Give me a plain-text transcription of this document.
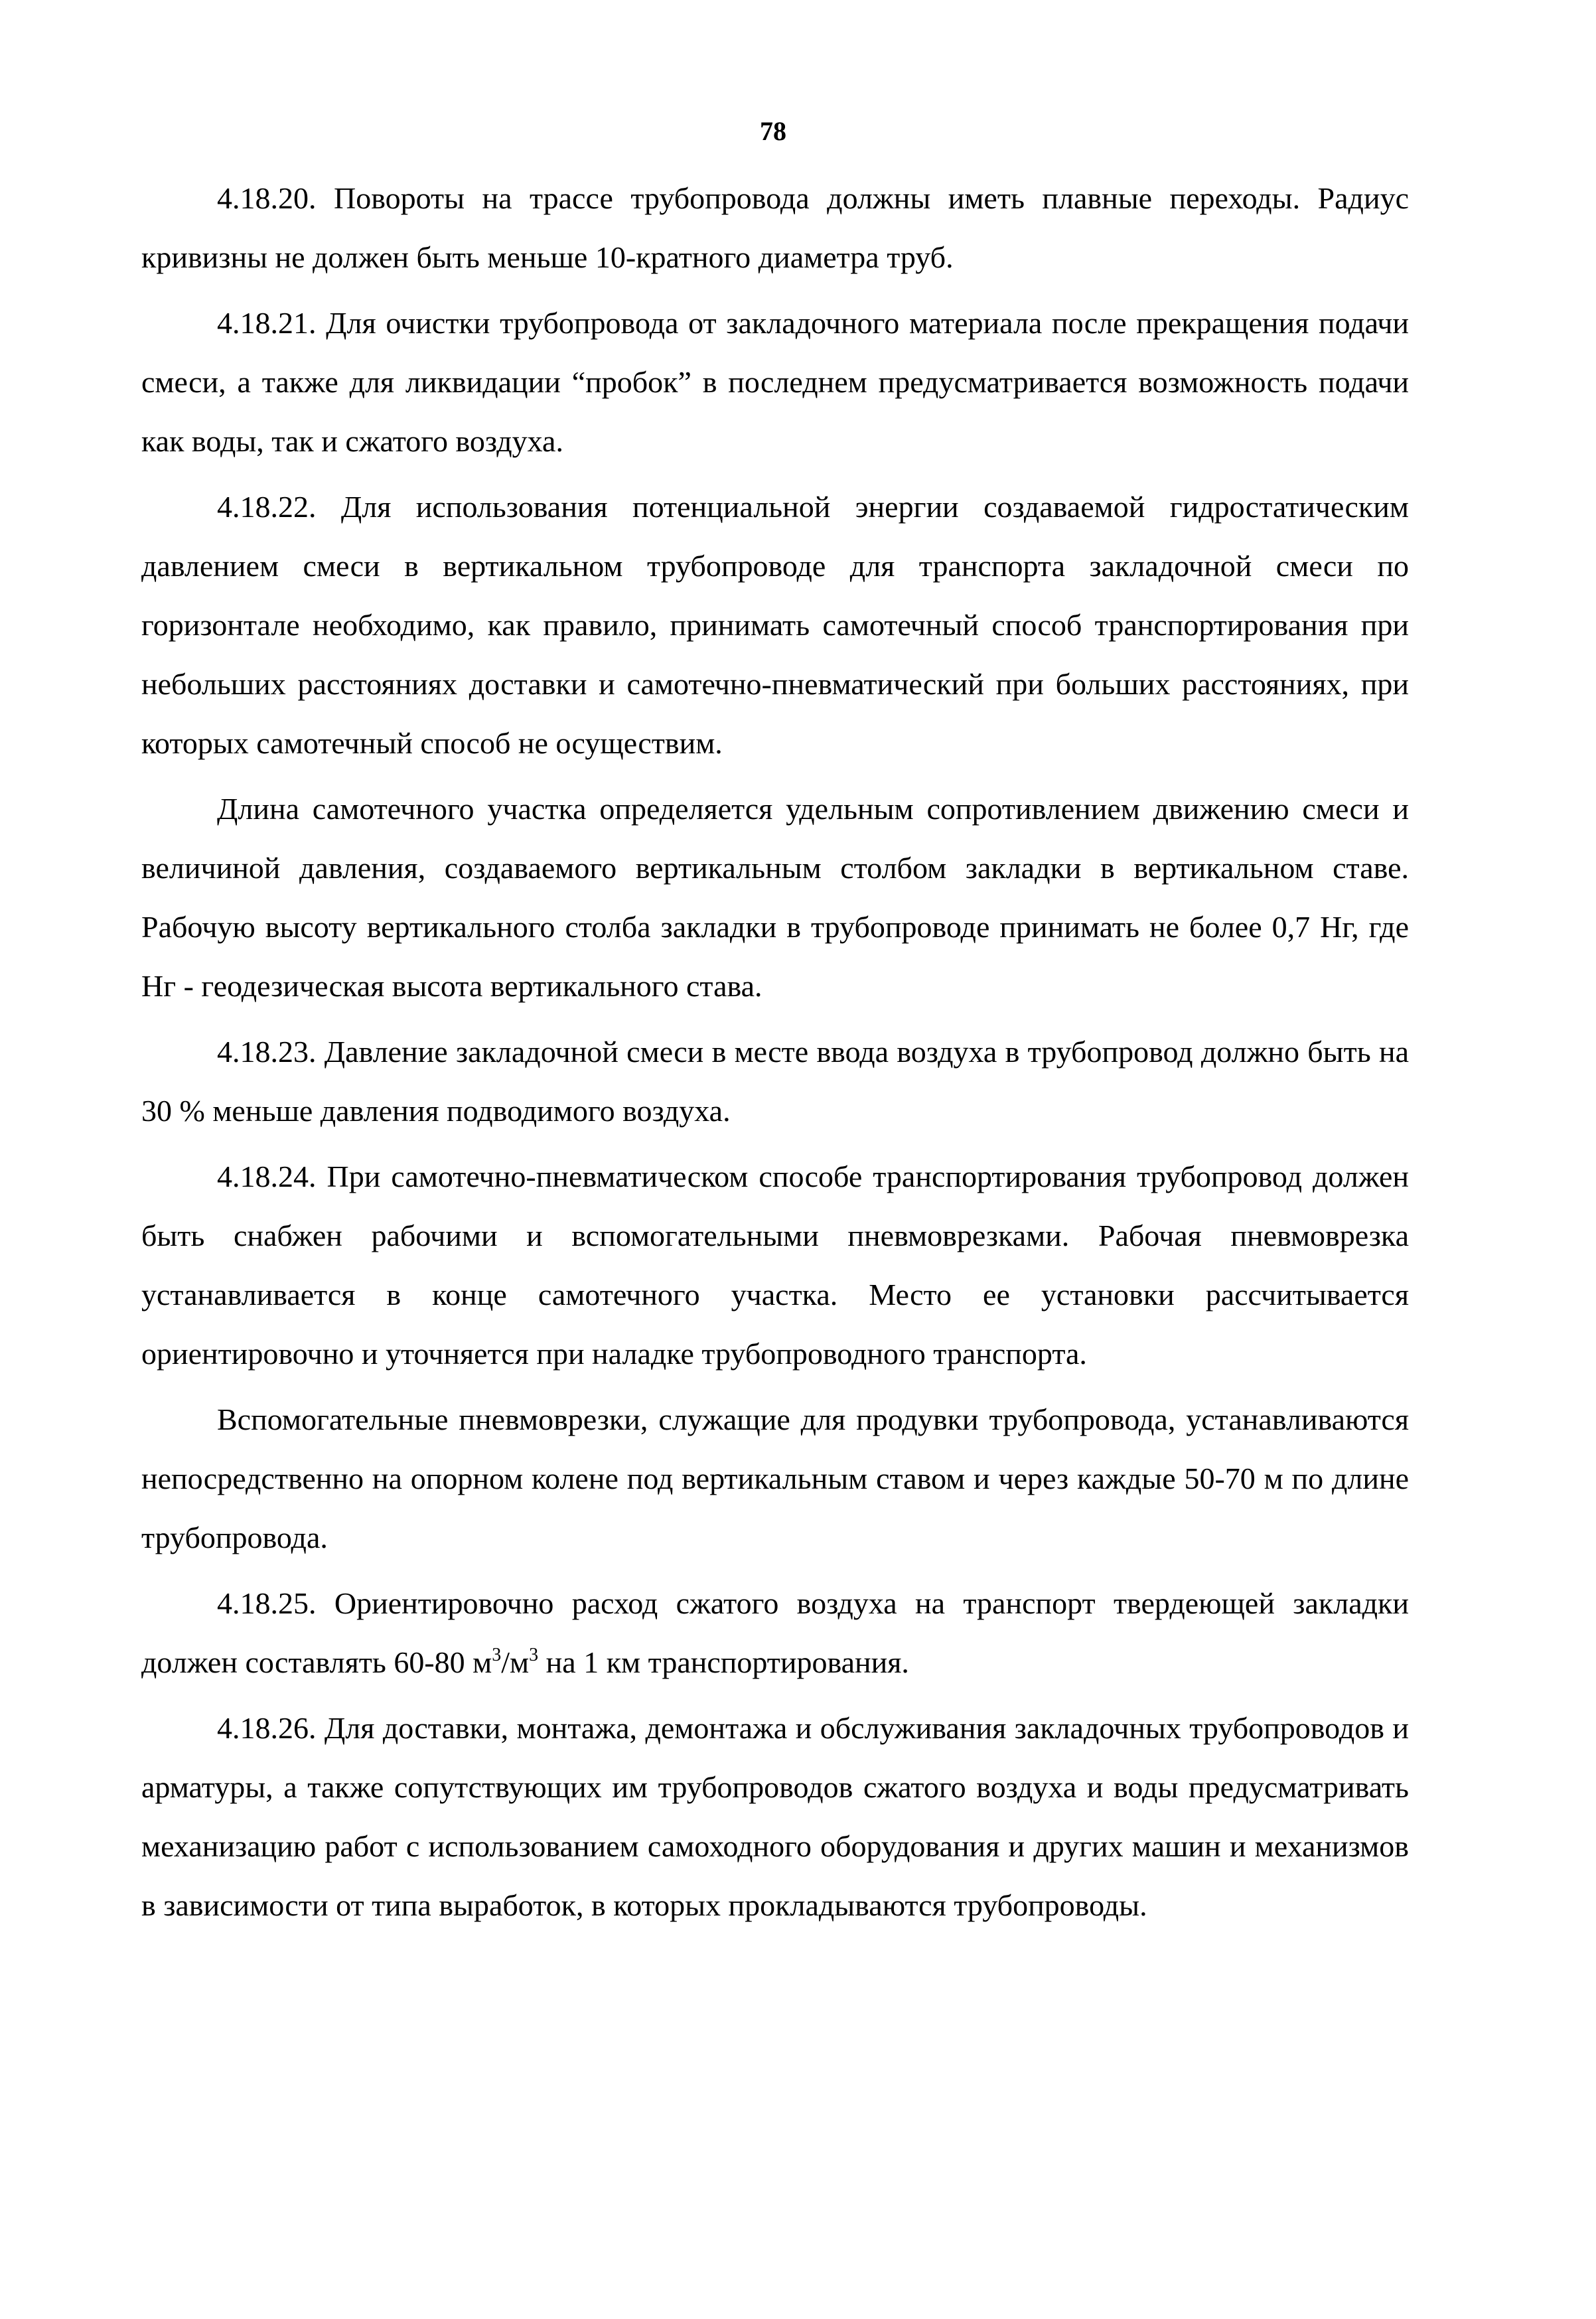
78

4.18.20. Повороты на трассе трубопровода должны иметь плавные переходы. Радиус кривизны не должен быть меньше 10-кратного диаметра труб.

4.18.21. Для очистки трубопровода от закладочного материала после прекращения подачи смеси, а также для ликвидации “пробок” в последнем предусматривается возможность подачи как воды, так и сжатого воздуха.

4.18.22. Для использования потенциальной энергии создаваемой гидростатическим давлением смеси в вертикальном трубопроводе для транспорта закладочной смеси по горизонтале необходимо, как правило, принимать самотечный способ транспортирования при небольших расстояниях доставки и самотечно-пневматический при больших расстояниях, при которых самотечный способ не осуществим.

Длина самотечного участка определяется удельным сопротивлением движению смеси и величиной давления, создаваемого вертикальным столбом закладки в вертикальном ставе. Рабочую высоту вертикального столба закладки в трубопроводе принимать не более 0,7 Нг, где Нг - геодезическая высота вертикального става.

4.18.23. Давление закладочной смеси в месте ввода воздуха в трубопровод должно быть на 30 % меньше давления подводимого воздуха.

4.18.24. При самотечно-пневматическом способе транспортирования трубопровод должен быть снабжен рабочими и вспомогательными пневмоврезками. Рабочая пневмоврезка устанавливается в конце самотечного участка. Место ее установки рассчитывается ориентировочно и уточняется при наладке трубопроводного транспорта.

Вспомогательные пневмоврезки, служащие для продувки трубопровода, устанавливаются непосредственно на опорном колене под вертикальным ставом и через каждые 50-70 м по длине трубопровода.

4.18.25. Ориентировочно расход сжатого воздуха на транспорт твердеющей закладки должен составлять 60-80 $м^3/м^3$ на 1 км транспортирования.

4.18.26. Для доставки, монтажа, демонтажа и обслуживания закладочных трубопроводов и арматуры, а также сопутствующих им трубопроводов сжатого воздуха и воды предусматривать механизацию работ с использованием самоходного оборудования и других машин и механизмов в зависимости от типа выработок, в которых прокладываются трубопроводы.
